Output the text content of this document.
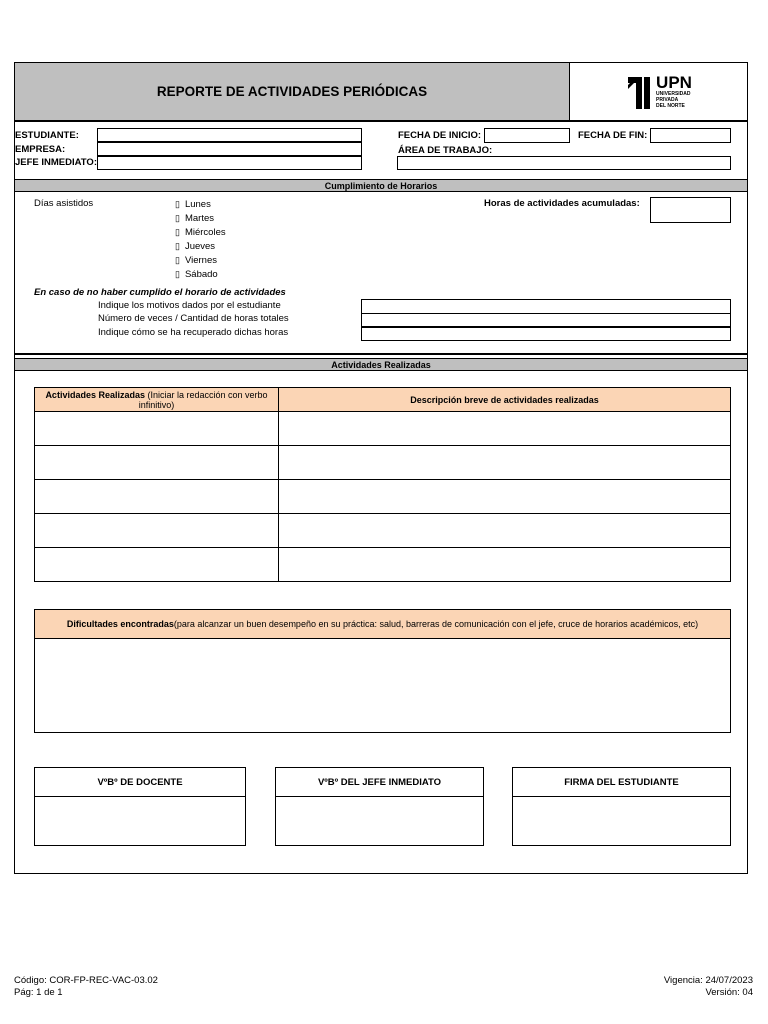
REPORTE DE ACTIVIDADES PERIÓDICAS	UPN
UNIVERSIDAD
PRIVADA
DEL NORTE
ESTUDIANTE:
EMPRESA:
JEFE INMEDIATO:
FECHA DE INICIO:	FECHA DE FIN:
ÁREA DE TRABAJO:
Cumplimiento de Horarios
Días asistidos	▯ Lunes
▯ Martes
▯ Miércoles
▯ Jueves
▯ Viernes
▯ Sábado
Horas de actividades acumuladas:
En caso de no haber cumplido el horario de actividades
Indique los motivos dados por el estudiante
Número de veces / Cantidad de horas totales
Indique cómo se ha recuperado dichas horas
Actividades Realizadas
Actividades Realizadas (Iniciar la redacción con verbo infinitivo)	Descripción breve de actividades realizadas

Dificultades encontradas (para alcanzar un buen desempeño en su práctica: salud, barreras de comunicación con el jefe, cruce de horarios académicos, etc)
VºBº DE DOCENTE	VºBº DEL JEFE INMEDIATO	FIRMA DEL ESTUDIANTE
Código: COR-FP-REC-VAC-03.02
Pág: 1 de 1
Vigencia: 24/07/2023
Versión: 04
